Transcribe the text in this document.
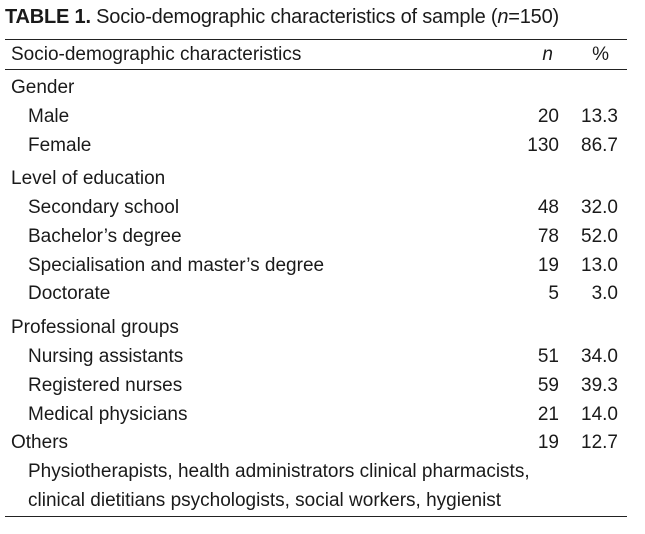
TABLE 1. Socio-demographic characteristics of sample (n=150)
Socio-demographic characteristics	n %
Gender
Male	20 13.3
Female	130 86.7
Level of education
Secondary school	48 32.0
Bachelor’s degree	78 52.0
Specialisation and master’s degree	19 13.0
Doctorate	5 3.0
Professional groups
Nursing assistants	51 34.0
Registered nurses	59 39.3
Medical physicians	21 14.0
Others	19 12.7
Physiotherapists, health administrators clinical pharmacists,
clinical dietitians psychologists, social workers, hygienist
